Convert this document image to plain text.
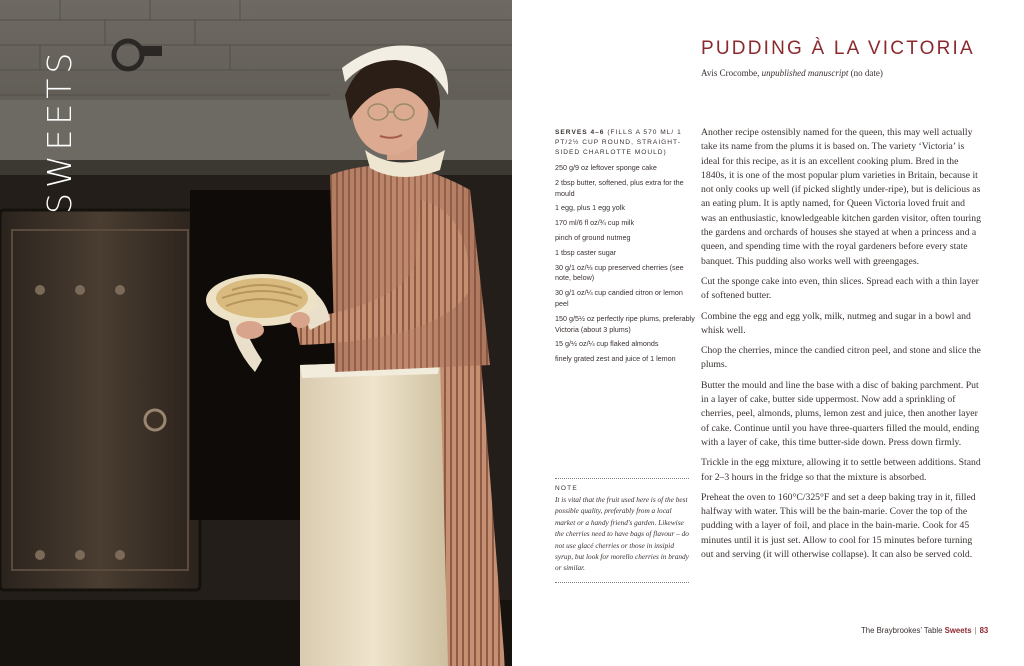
SWEETS	PUDDING À LA VICTORIA
Avis Crocombe, unpublished manuscript (no date)
SERVES 4–6 (FILLS A 570 ML/ 1 PT/2½ CUP ROUND, STRAIGHT-SIDED CHARLOTTE MOULD)
250 g/9 oz leftover sponge cake
2 tbsp butter, softened, plus extra for the mould
1 egg, plus 1 egg yolk
170 ml/6 fl oz/¾ cup milk
pinch of ground nutmeg
1 tbsp caster sugar
30 g/1 oz/⅓ cup preserved cherries (see note, below)
30 g/1 oz/¼ cup candied citron or lemon peel
150 g/5½ oz perfectly ripe plums, preferably Victoria (about 3 plums)
15 g/½ oz/¼ cup flaked almonds
finely grated zest and juice of 1 lemon
NOTE
It is vital that the fruit used here is of the best possible quality, preferably from a local market or a handy friend's garden. Likewise the cherries need to have bags of flavour – do not use glacé cherries or those in insipid syrup, but look for morello cherries in brandy or similar.

Another recipe ostensibly named for the queen, this may well actually take its name from the plums it is based on. The variety ‘Victoria’ is ideal for this recipe, as it is an excellent cooking plum. Bred in the 1840s, it is one of the most popular plum varieties in Britain, because it not only cooks up well (if picked slightly under-ripe), but is delicious as an eating plum. It is aptly named, for Queen Victoria loved fruit and was an enthusiastic, knowledgeable kitchen garden visitor, often touring the gardens and orchards of houses she stayed at when a princess and a queen, and spending time with the royal gardeners before every state banquet. This pudding also works well with greengages.

Cut the sponge cake into even, thin slices. Spread each with a thin layer of softened butter.

Combine the egg and egg yolk, milk, nutmeg and sugar in a bowl and whisk well.

Chop the cherries, mince the candied citron peel, and stone and slice the plums.

Butter the mould and line the base with a disc of baking parchment. Put in a layer of cake, butter side uppermost. Now add a sprinkling of cherries, peel, almonds, plums, lemon zest and juice, then another layer of cake. Continue until you have three-quarters filled the mould, ending with a layer of cake, this time butter-side down. Press down firmly.

Trickle in the egg mixture, allowing it to settle between additions. Stand for 2–3 hours in the fridge so that the mixture is absorbed.

Preheat the oven to 160°C/325°F and set a deep baking tray in it, filled halfway with water. This will be the bain-marie. Cover the top of the pudding with a layer of foil, and place in the bain-marie. Cook for 45 minutes until it is just set. Allow to cool for 15 minutes before turning out and serving (it will otherwise collapse). It can also be served cold.

The Braybrookes’ Table Sweets | 83
